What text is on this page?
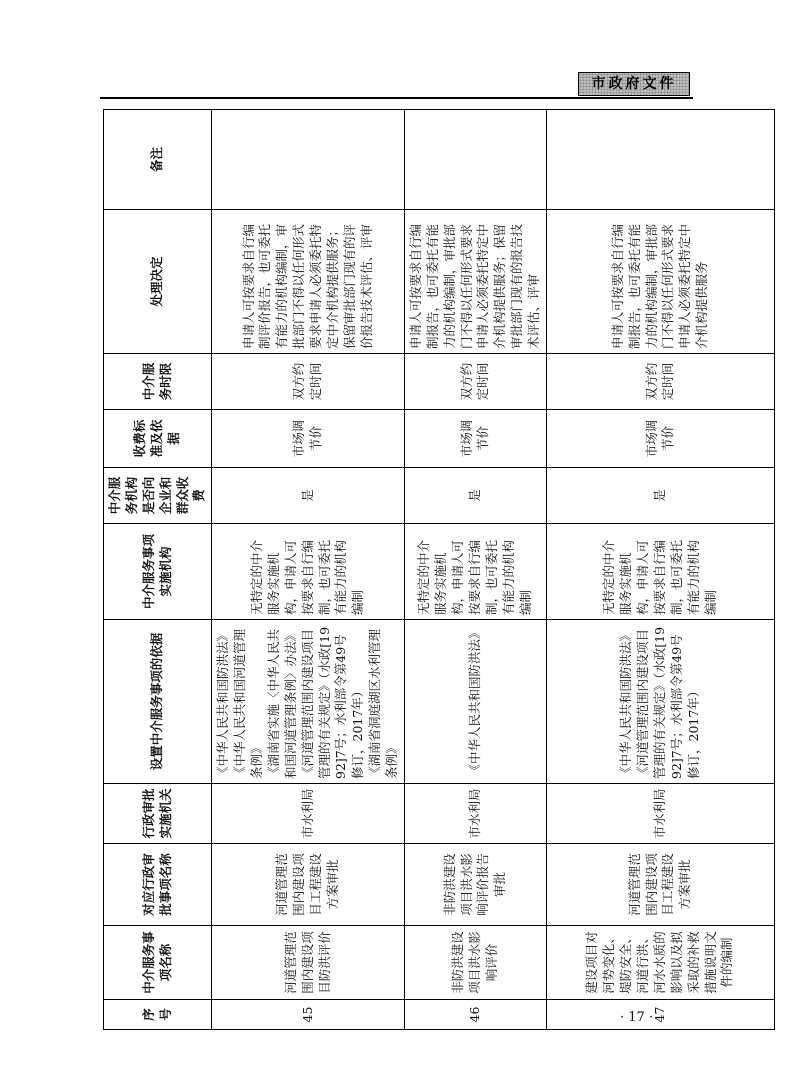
市政府文件
序号	中介服务事项名称	对应行政审批事项名称	行政审批实施机关	设置中介服务事项的依据	中介服务事项实施机构	中介服务机构是否向企业和群众收费	收费标准及依据	中介服务时限	处理决定	备注
45	河道管理范围内建设项目防洪评价	河道管理范围内建设项目工程建设方案审批	市水利局	《中华人民共和国防洪法》 《中华人民共和国河道管理条例》 《湖南省实施〈中华人民共和国河道管理条例〉办法》 《河道管理范围内建设项目管理的有关规定》（水政[1992]7号；水利部令第49号修订，2017年） 《湖南省洞庭湖区水利管理条例》	无特定的中介服务实施机构，申请人可按要求自行编制，也可委托有能力的机构编制	是	市场调节价	双方约定时间	申请人可按要求自行编制评价报告，也可委托有能力的机构编制，审批部门不得以任何形式要求申请人必须委托特定中介机构提供服务；保留审批部门现有的评价报告技术评估、评审	
46	非防洪建设项目洪水影响评价	非防洪建设项目洪水影响评价报告审批	市水利局	《中华人民共和国防洪法》	无特定的中介服务实施机构，申请人可按要求自行编制，也可委托有能力的机构编制	是	市场调节价	双方约定时间	申请人可按要求自行编制报告，也可委托有能力的机构编制，审批部门不得以任何形式要求申请人必须委托特定中介机构提供服务；保留审批部门现有的报告技术评估、评审	
47	建设项目对河势变化、堤防安全、河道行洪、河水水质的影响以及拟采取的补救措施说明文件的编制	河道管理范围内建设项目工程建设方案审批	市水利局	《中华人民共和国防洪法》 《河道管理范围内建设项目管理的有关规定》（水政[1992]7号；水利部令第49号修订，2017年）	无特定的中介服务实施机构，申请人可按要求自行编制，也可委托有能力的机构编制	是	市场调节价	双方约定时间	申请人可按要求自行编制报告，也可委托有能力的机构编制，审批部门不得以任何形式要求申请人必须委托特定中介机构提供服务	
· 17 ·
